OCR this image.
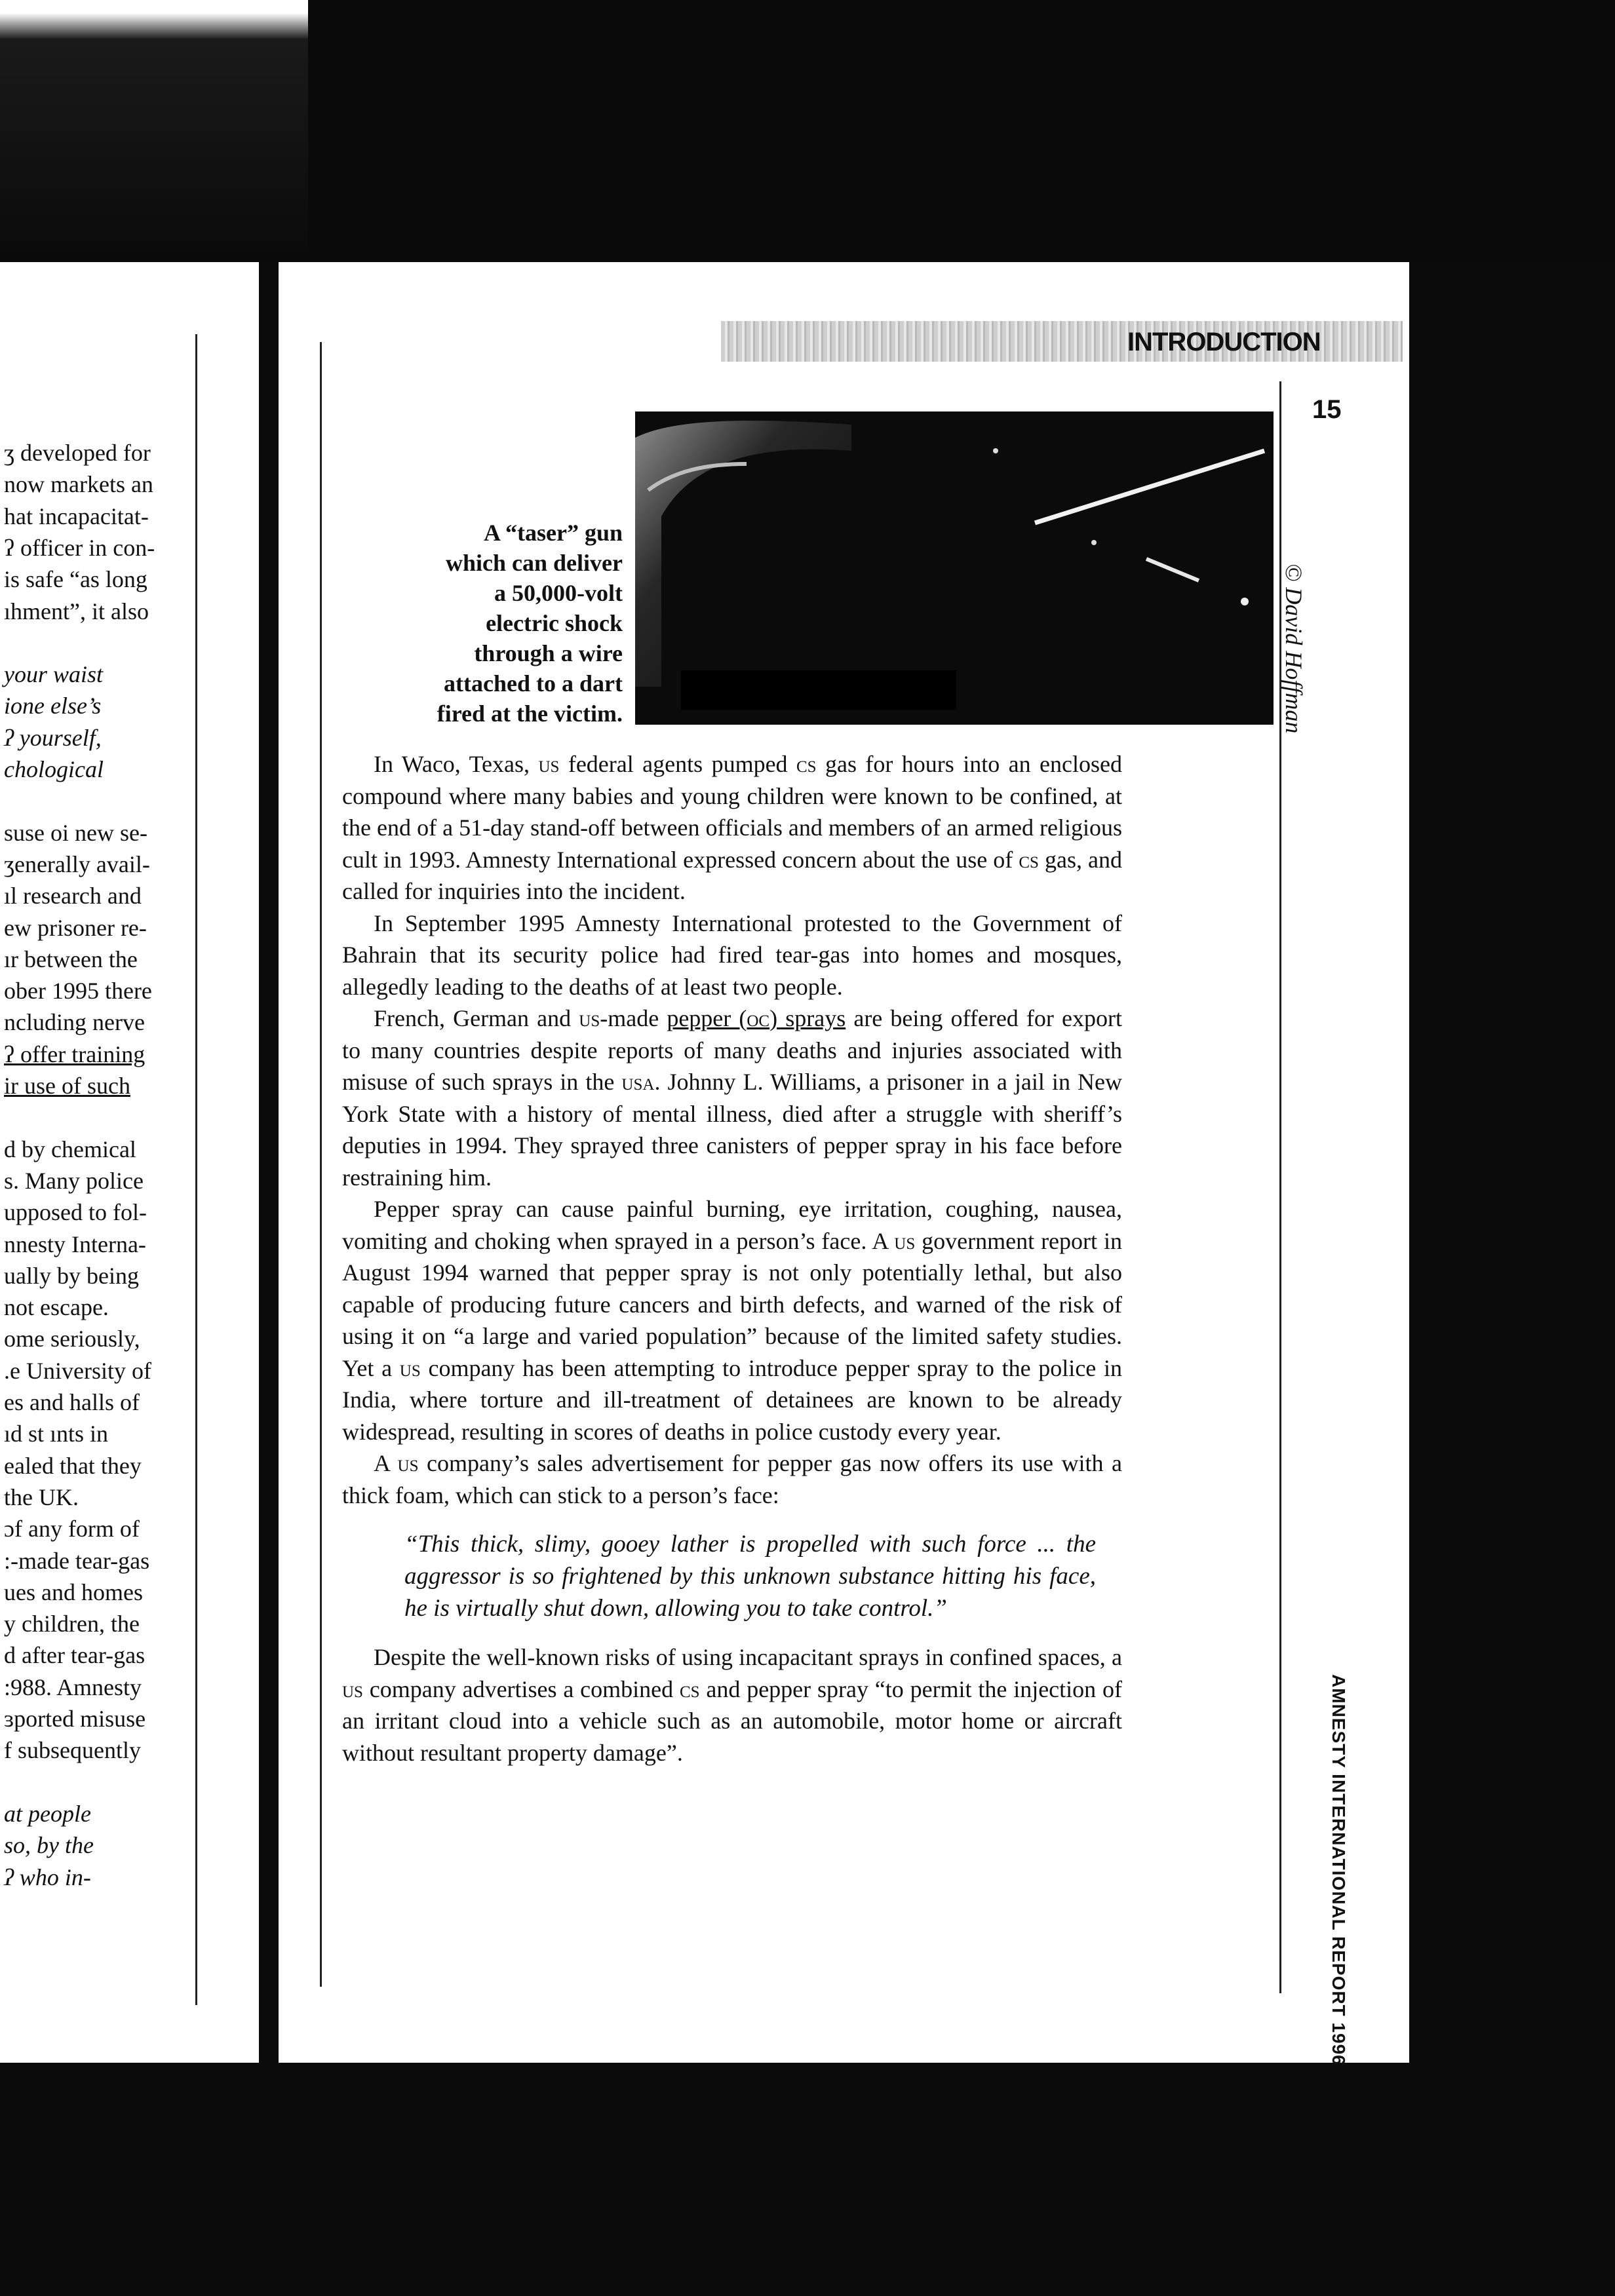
ʒ developed for
now markets an
hat incapacitat-
ʔ officer in con-
is safe “as long
ıhment”, it also
your waist
ione else’s
ʔ yourself,
chological
suse oi new se-
ʒenerally avail-
ıl research and
ew prisoner re-
ır between the
ober 1995 there
ncluding nerve
ʔ offer training
ir use of such
d by chemical
s. Many police
upposed to fol-
nnesty Interna-
ually by being
not escape.
ome seriously,
.e University of
es and halls of
ıd st ınts in
ealed that they
the UK.
ɔf any form of
:-made tear-gas
ues and homes
y children, the
d after tear-gas
:988. Amnesty
ɜported misuse
f subsequently
at people
so, by the
ʔ who in-
INTRODUCTION
15
© David Hoffman
AMNESTY INTERNATIONAL REPORT 1996
A “taser” gun
which can deliver
a 50,000-volt
electric shock
through a wire
attached to a dart
fired at the victim.

In Waco, Texas, us federal agents pumped cs gas for hours into an enclosed compound where many babies and young children were known to be confined, at the end of a 51-day stand-off between officials and members of an armed religious cult in 1993. Amnesty International expressed concern about the use of cs gas, and called for inquiries into the incident.

In September 1995 Amnesty International protested to the Government of Bahrain that its security police had fired tear-gas into homes and mosques, allegedly leading to the deaths of at least two people.

French, German and us-made pepper (oc) sprays are being offered for export to many countries despite reports of many deaths and injuries associated with misuse of such sprays in the usa. Johnny L. Williams, a prisoner in a jail in New York State with a history of mental illness, died after a struggle with sheriff’s deputies in 1994. They sprayed three canisters of pepper spray in his face before restraining him.

Pepper spray can cause painful burning, eye irritation, coughing, nausea, vomiting and choking when sprayed in a person’s face. A us government report in August 1994 warned that pepper spray is not only potentially lethal, but also capable of producing future cancers and birth defects, and warned of the risk of using it on “a large and varied population” because of the limited safety studies. Yet a us company has been attempting to introduce pepper spray to the police in India, where torture and ill-treatment of detainees are known to be already widespread, resulting in scores of deaths in police custody every year.

A us company’s sales advertisement for pepper gas now offers its use with a thick foam, which can stick to a person’s face:

“This thick, slimy, gooey lather is propelled with such force ... the aggressor is so frightened by this unknown substance hitting his face, he is virtually shut down, allowing you to take control.”

Despite the well-known risks of using incapacitant sprays in confined spaces, a us company advertises a combined cs and pepper spray “to permit the injection of an irritant cloud into a vehicle such as an automobile, motor home or aircraft without resultant property damage”.
